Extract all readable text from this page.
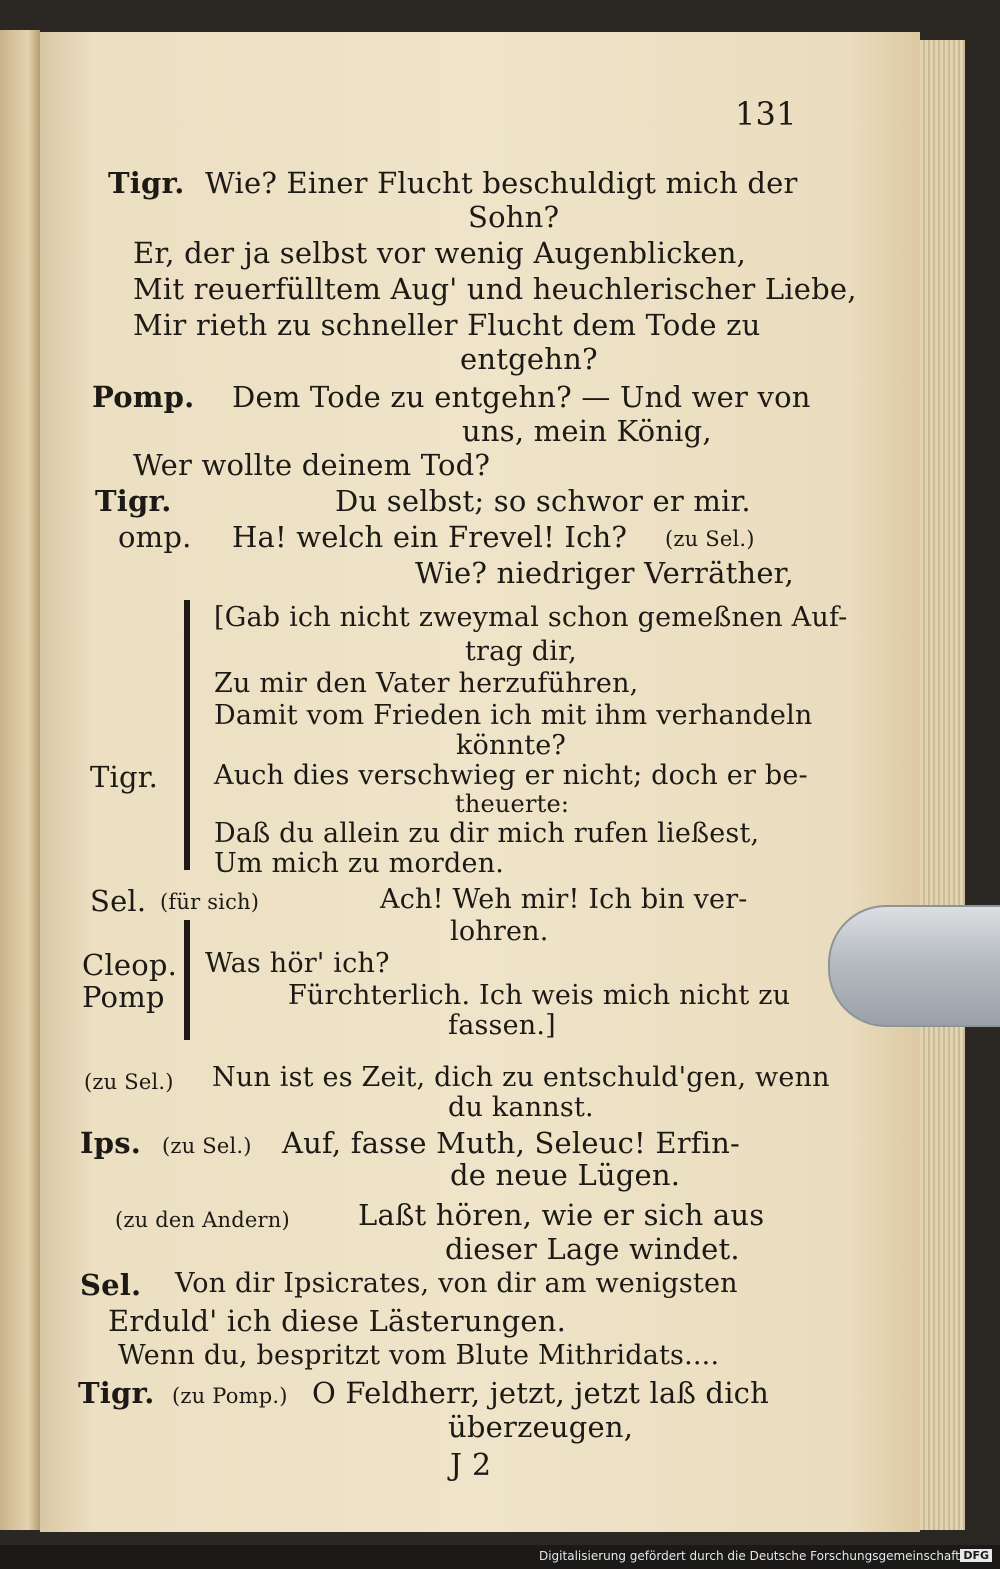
131
Tigr. Wie? Einer Flucht beschuldigt mich der
Sohn?
Er, der ja selbst vor wenig Augenblicken,
Mit reuerfülltem Aug' und heuchlerischer Liebe,
Mir rieth zu schneller Flucht dem Tode zu
entgehn?
Pomp. Dem Tode zu entgehn? — Und wer von
uns, mein König,
Wer wollte deinem Tod?
Tigr.	Du selbst; so schwor er mir.
omp. Ha! welch ein Frevel! Ich? (zu Sel.)
Wie? niedriger Verräther,
[Gab ich nicht zweymal schon gemeßnen Auf-
trag dir,
Zu mir den Vater herzuführen,
Damit vom Frieden ich mit ihm verhandeln
könnte?
Tigr. Auch dies verschwieg er nicht; doch er be-
theuerte:
Daß du allein zu dir mich rufen ließest,
Um mich zu morden.
Sel. (für sich)	Ach! Weh mir! Ich bin ver-
lohren.
Cleop. Was hör' ich?
Pomp	Fürchterlich. Ich weis mich nicht zu
fassen.]
(zu Sel.) Nun ist es Zeit, dich zu entschuld'gen, wenn
du kannst.
Ips. (zu Sel.) Auf, fasse Muth, Seleuc! Erfin-
de neue Lügen.
(zu den Andern) Laßt hören, wie er sich aus
dieser Lage windet.
Sel. Von dir Ipsicrates, von dir am wenigsten
Erduld' ich diese Lästerungen.
Wenn du, bespritzt vom Blute Mithridats....
Tigr. (zu Pomp.) O Feldherr, jetzt, jetzt laß dich
überzeugen,
J 2
Digitalisierung gefördert durch die Deutsche Forschungsgemeinschaft DFG
